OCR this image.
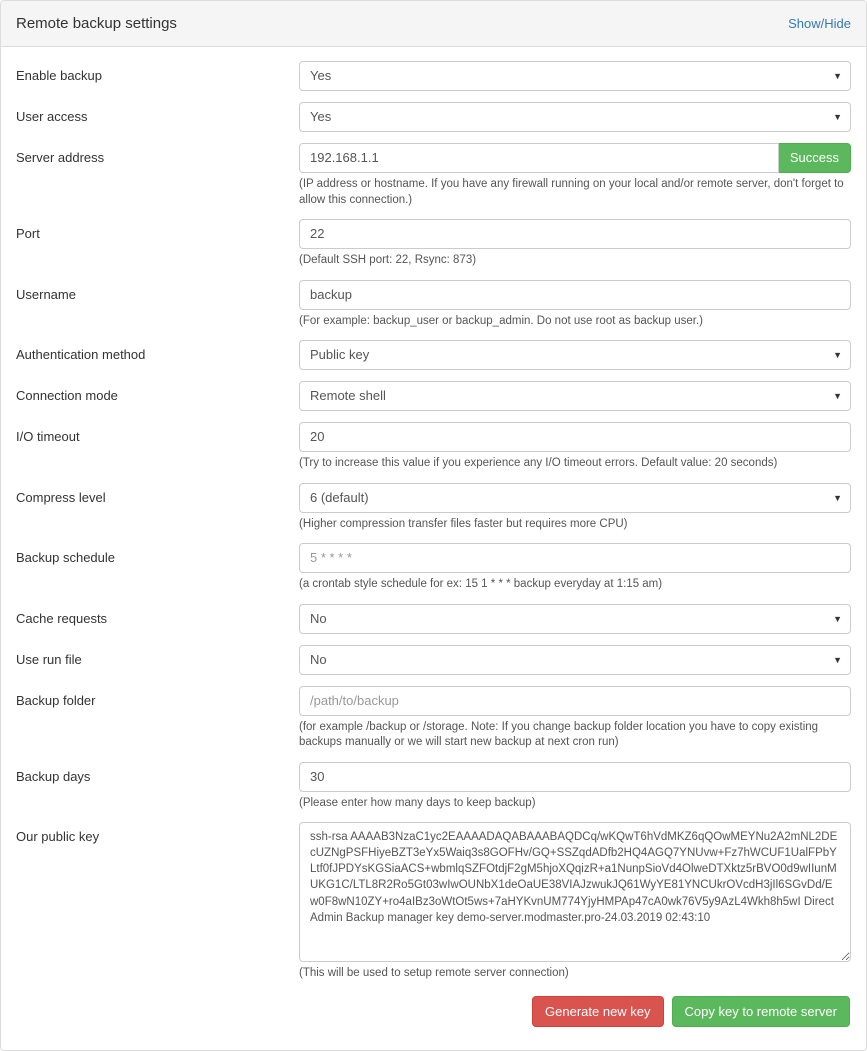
Remote backup settings	Show/Hide
Enable backup	Yes	▼
User access	Yes	▼
Server address	192.168.1.1	Success
(IP address or hostname. If you have any firewall running on your local and/or remote server, don't forget to allow this connection.)
Port	22
(Default SSH port: 22, Rsync: 873)
Username	backup
(For example: backup_user or backup_admin. Do not use root as backup user.)
Authentication method	Public key	▼
Connection mode	Remote shell	▼
I/O timeout	20
(Try to increase this value if you experience any I/O timeout errors. Default value: 20 seconds)
Compress level	6 (default)	▼
(Higher compression transfer files faster but requires more CPU)
Backup schedule	5 * * * *
(a crontab style schedule for ex: 15 1 * * * backup everyday at 1:15 am)
Cache requests	No	▼
Use run file	No	▼
Backup folder	/path/to/backup
(for example /backup or /storage. Note: If you change backup folder location you have to copy existing backups manually or we will start new backup at next cron run)
Backup days	30
(Please enter how many days to keep backup)
Our public key	ssh-rsa AAAAB3NzaC1yc2EAAAADAQABAAABAQDCq/wKQwT6hVdMKZ6qQOwMEYNu2A2mNL2DEcUZNgPSFHiyeBZT3eYx5Waiq3s8GOFHv/GQ+SSZqdADfb2HQ4AGQ7YNUvw+Fz7hWCUF1UalFPbYLtf0fJPDYsKGSiaACS+wbmlqSZFOtdjF2gM5hjoXQqizR+a1NunpSioVd4OlweDTXktz5rBVO0d9wIIunMUKG1C/LTL8R2Ro5Gt03wIwOUNbX1deOaUE38VIAJzwukJQ61WyYE81YNCUkrOVcdH3jIl6SGvDd/Ew0F8wN10ZY+ro4aIBz3oWtOt5ws+7aHYKvnUM774YjyHMPAp47cA0wk76V5y9AzL4Wkh8h5wI DirectAdmin Backup manager key demo-server.modmaster.pro-24.03.2019 02:43:10
(This will be used to setup remote server connection)
Generate new key	Copy key to remote server
